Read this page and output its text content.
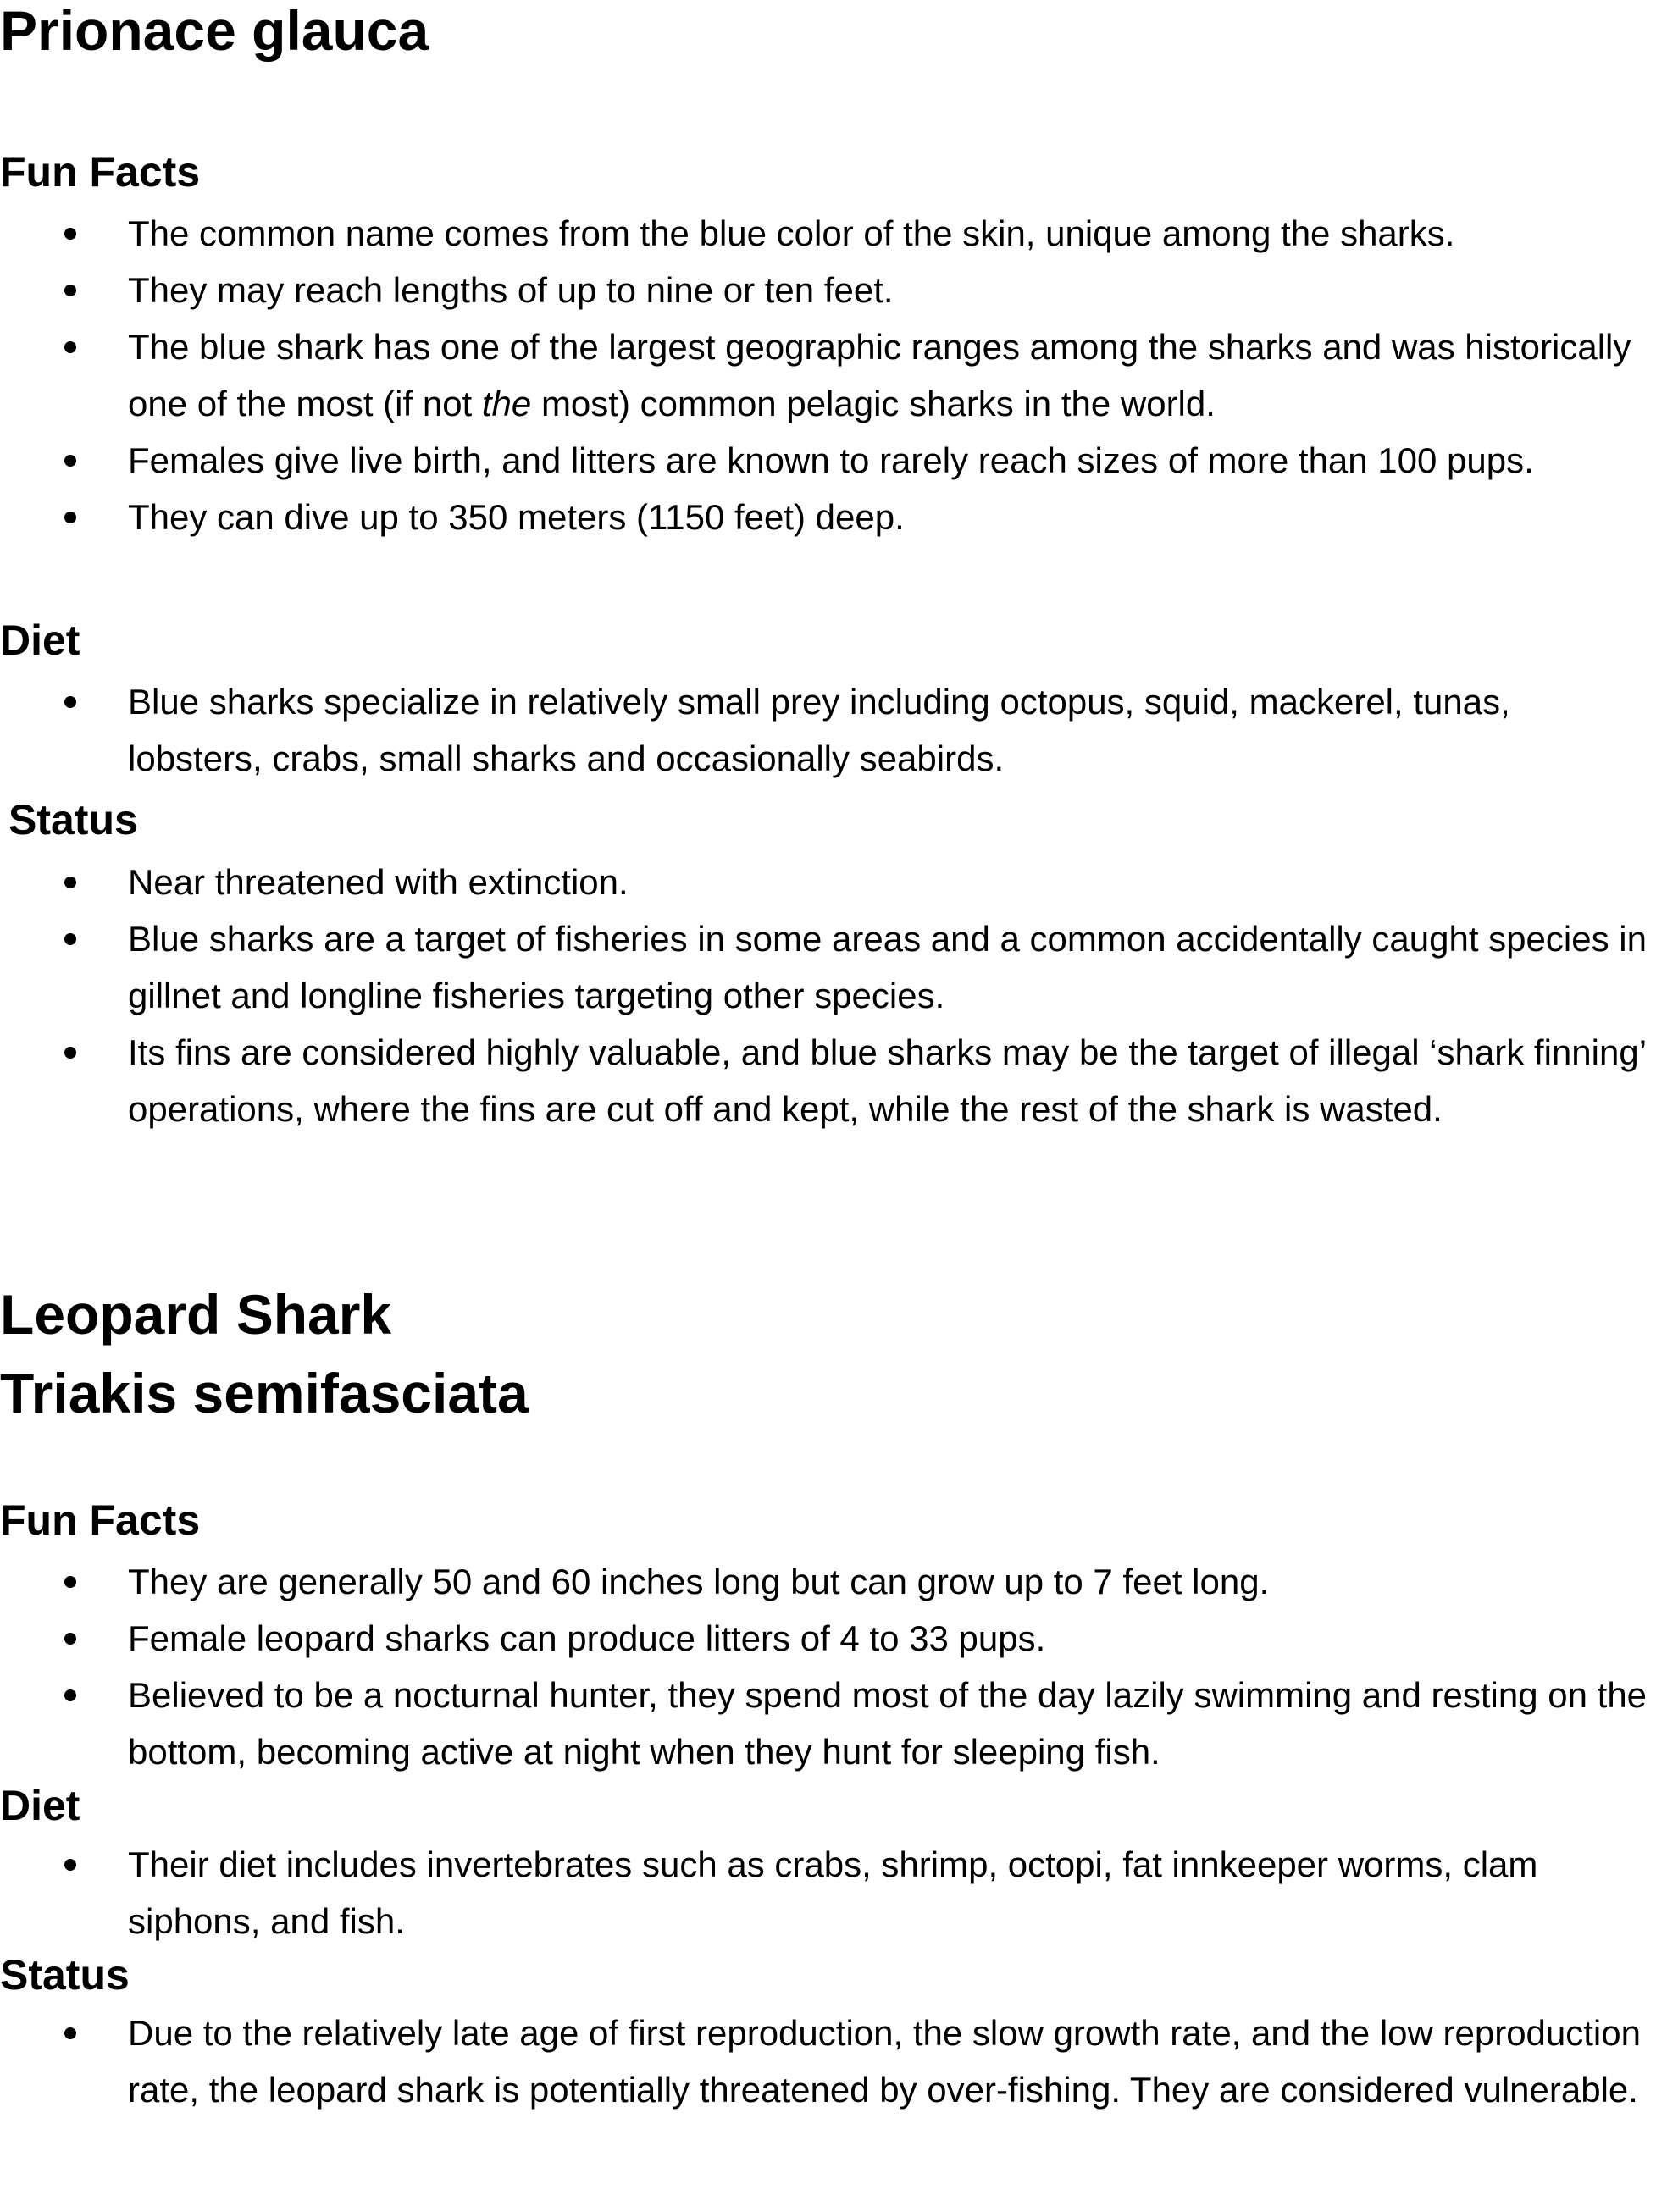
Prionace glauca
Fun Facts
The common name comes from the blue color of the skin, unique among the sharks.
They may reach lengths of up to nine or ten feet.
The blue shark has one of the largest geographic ranges among the sharks and was historically one of the most (if not the most) common pelagic sharks in the world.
Females give live birth, and litters are known to rarely reach sizes of more than 100 pups.
They can dive up to 350 meters (1150 feet) deep.
Diet
Blue sharks specialize in relatively small prey including octopus, squid, mackerel, tunas, lobsters, crabs, small sharks and occasionally seabirds.
Status
Near threatened with extinction.
Blue sharks are a target of fisheries in some areas and a common accidentally caught species in gillnet and longline fisheries targeting other species.
Its fins are considered highly valuable, and blue sharks may be the target of illegal ‘shark finning’ operations, where the fins are cut off and kept, while the rest of the shark is wasted.
Leopard Shark
Triakis semifasciata
Fun Facts
They are generally 50 and 60 inches long but can grow up to 7 feet long.
Female leopard sharks can produce litters of 4 to 33 pups.
Believed to be a nocturnal hunter, they spend most of the day lazily swimming and resting on the bottom, becoming active at night when they hunt for sleeping fish.
Diet
Their diet includes invertebrates such as crabs, shrimp, octopi, fat innkeeper worms, clam siphons, and fish.
Status
Due to the relatively late age of first reproduction, the slow growth rate, and the low reproduction rate, the leopard shark is potentially threatened by over-fishing. They are considered vulnerable.
